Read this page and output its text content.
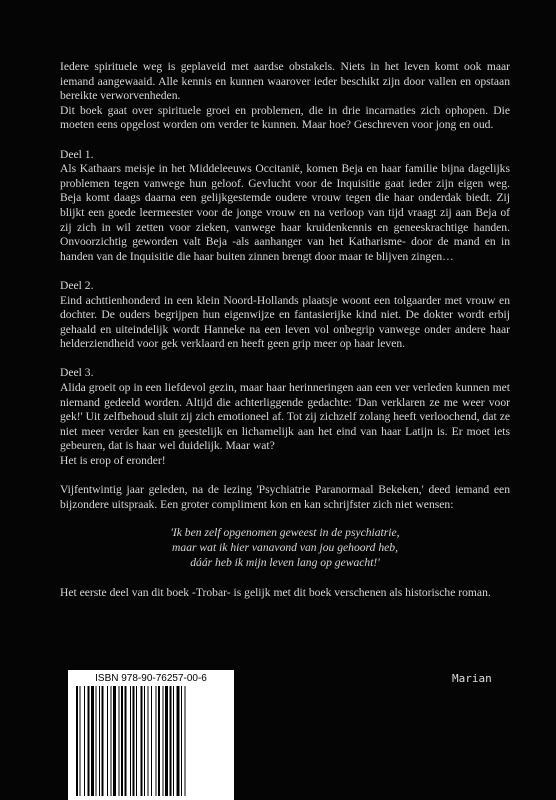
Iedere spirituele weg is geplaveid met aardse obstakels. Niets in het leven komt ook maar iemand aangewaaid. Alle kennis en kunnen waarover ieder beschikt zijn door vallen en opstaan bereikte verworvenheden.
Dit boek gaat over spirituele groei en problemen, die in drie incarnaties zich ophopen. Die moeten eens opgelost worden om verder te kunnen. Maar hoe? Geschreven voor jong en oud.

Deel 1.
Als Kathaars meisje in het Middeleeuws Occitanië, komen Beja en haar familie bijna dagelijks problemen tegen vanwege hun geloof. Gevlucht voor de Inquisitie gaat ieder zijn eigen weg. Beja komt daags daarna een gelijkgestemde oudere vrouw tegen die haar onderdak biedt. Zij blijkt een goede leermeester voor de jonge vrouw en na verloop van tijd vraagt zij aan Beja of zij zich in wil zetten voor zieken, vanwege haar kruidenkennis en geneeskrachtige handen. Onvoorzichtig geworden valt Beja -als aanhanger van het Katharisme- door de mand en in handen van de Inquisitie die haar buiten zinnen brengt door maar te blijven zingen…

Deel 2.
Eind achttienhonderd in een klein Noord-Hollands plaatsje woont een tolgaarder met vrouw en dochter. De ouders begrijpen hun eigenwijze en fantasierijke kind niet. De dokter wordt erbij gehaald en uiteindelijk wordt Hanneke na een leven vol onbegrip vanwege onder andere haar helderziendheid voor gek verklaard en heeft geen grip meer op haar leven.

Deel 3.
Alida groeit op in een liefdevol gezin, maar haar herinneringen aan een ver verleden kunnen met niemand gedeeld worden. Altijd die achterliggende gedachte: 'Dan verklaren ze me weer voor gek!' Uit zelfbehoud sluit zij zich emotioneel af. Tot zij zichzelf zolang heeft verloochend, dat ze niet meer verder kan en geestelijk en lichamelijk aan het eind van haar Latijn is. Er moet iets gebeuren, dat is haar wel duidelijk. Maar wat?
Het is erop of eronder!

Vijfentwintig jaar geleden, na de lezing 'Psychiatrie Paranormaal Bekeken,' deed iemand een bijzondere uitspraak. Een groter compliment kon en kan schrijfster zich niet wensen:

'Ik ben zelf opgenomen geweest in de psychiatrie,
maar wat ik hier vanavond van jou gehoord heb,
dáár heb ik mijn leven lang op gewacht!'

Het eerste deel van dit boek -Trobar- is gelijk met dit boek verschenen als historische roman.

Marian
ISBN 978-90-76257-00-6
